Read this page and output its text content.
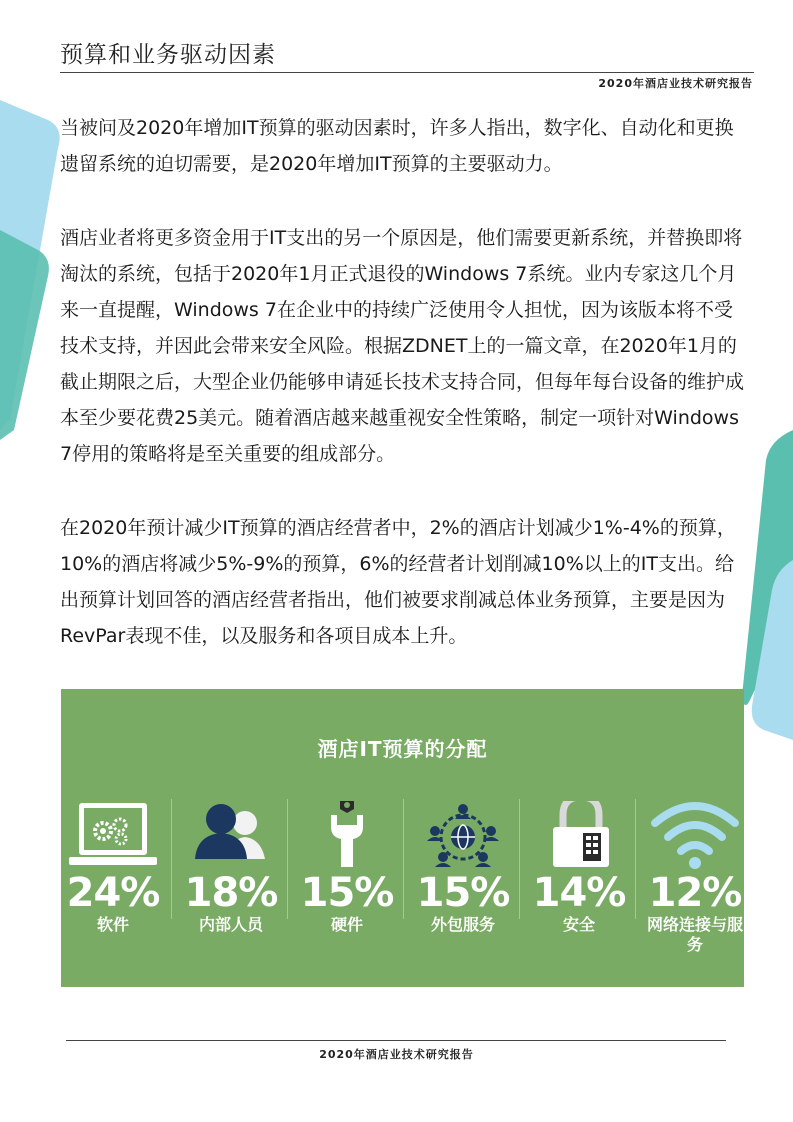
预算和业务驱动因素
2020年酒店业技术研究报告

当被问及2020年增加IT预算的驱动因素时，许多人指出，数字化、自动化和更换遗留系统的迫切需要，是2020年增加IT预算的主要驱动力。

酒店业者将更多资金用于IT支出的另一个原因是，他们需要更新系统，并替换即将淘汰的系统，包括于2020年1月正式退役的Windows 7系统。业内专家这几个月来一直提醒，Windows 7在企业中的持续广泛使用令人担忧，因为该版本将不受技术支持，并因此会带来安全风险。根据ZDNET上的一篇文章，在2020年1月的截止期限之后，大型企业仍能够申请延长技术支持合同，但每年每台设备的维护成本至少要花费25美元。随着酒店越来越重视安全性策略，制定一项针对Windows 7停用的策略将是至关重要的组成部分。

在2020年预计减少IT预算的酒店经营者中，2%的酒店计划减少1%-4%的预算，10%的酒店将减少5%-9%的预算，6%的经营者计划削减10%以上的IT支出。给出预算计划回答的酒店经营者指出，他们被要求削减总体业务预算，主要是因为RevPar表现不佳，以及服务和各项目成本上升。

酒店IT预算的分配
24%
软件
18%
内部人员
15%
硬件
15%
外包服务
14%
安全
12%
网络连接与服务
2020年酒店业技术研究报告
